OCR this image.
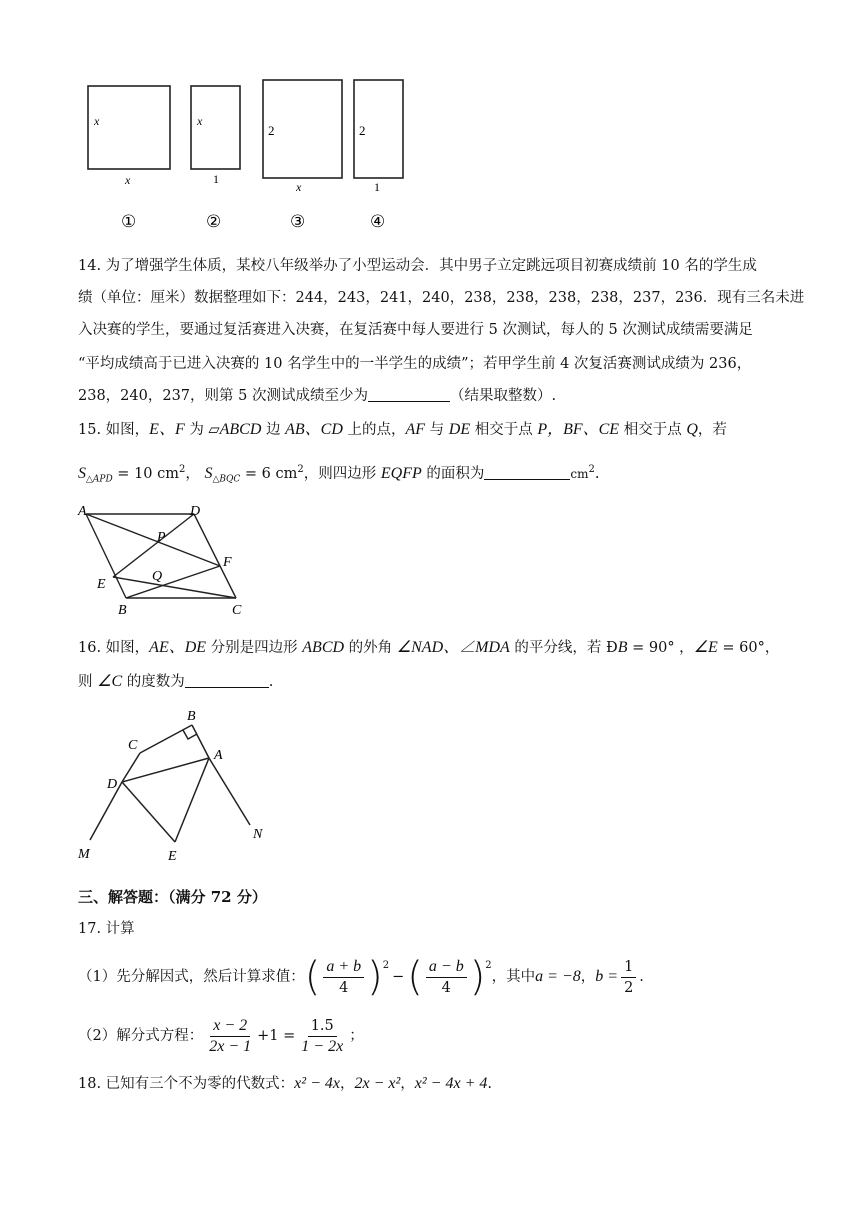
x
x
x
1
2
x
2
1
①	②	③	④
14. 为了增强学生体质，某校八年级举办了小型运动会．其中男子立定跳远项目初赛成绩前 10 名的学生成
绩（单位：厘米）数据整理如下：244，243，241，240，238，238，238，238，237，236．现有三名未进
入决赛的学生，要通过复活赛进入决赛，在复活赛中每人要进行 5 次测试，每人的 5 次测试成绩需要满足
“平均成绩高于已进入决赛的 10 名学生中的一半学生的成绩”；若甲学生前 4 次复活赛测试成绩为 236，
238，240，237，则第 5 次测试成绩至少为	（结果取整数）.
15. 如图，E、F 为 ▱ABCD 边 AB、CD 上的点，AF 与 DE 相交于点 P，BF、CE 相交于点 Q，若
$S_{\triangle APD} = 10$ $cm^2$， $S_{\triangle BQC} = 6$ $cm^2$，则四边形 EQFP 的面积为	$cm^2$.
A	D
P
F
Q
E
B	C
16. 如图，AE、DE 分别是四边形 ABCD 的外角 ∠NAD、∠MDA 的平分线，若 ÐB = 90° ，∠E = 60°，
则 ∠C 的度数为	.
B
C
A
D
N
M	E
三、解答题：（满分 72 分）
17. 计算
（1）先分解因式，然后计算求值： ( $\frac{a + b}{4} )^2$
− ( $\frac{a - b}{4} )^2$
，其中 a = −8 ， $b = \frac{1}{2}$ .
（2）解分式方程： $\frac{x - 2}{2x - 1} +1 = \frac{1.5}{1 - 2x}$ ；
18. 已知有三个不为零的代数式：x² − 4x，2x − x²，x² − 4x + 4.
